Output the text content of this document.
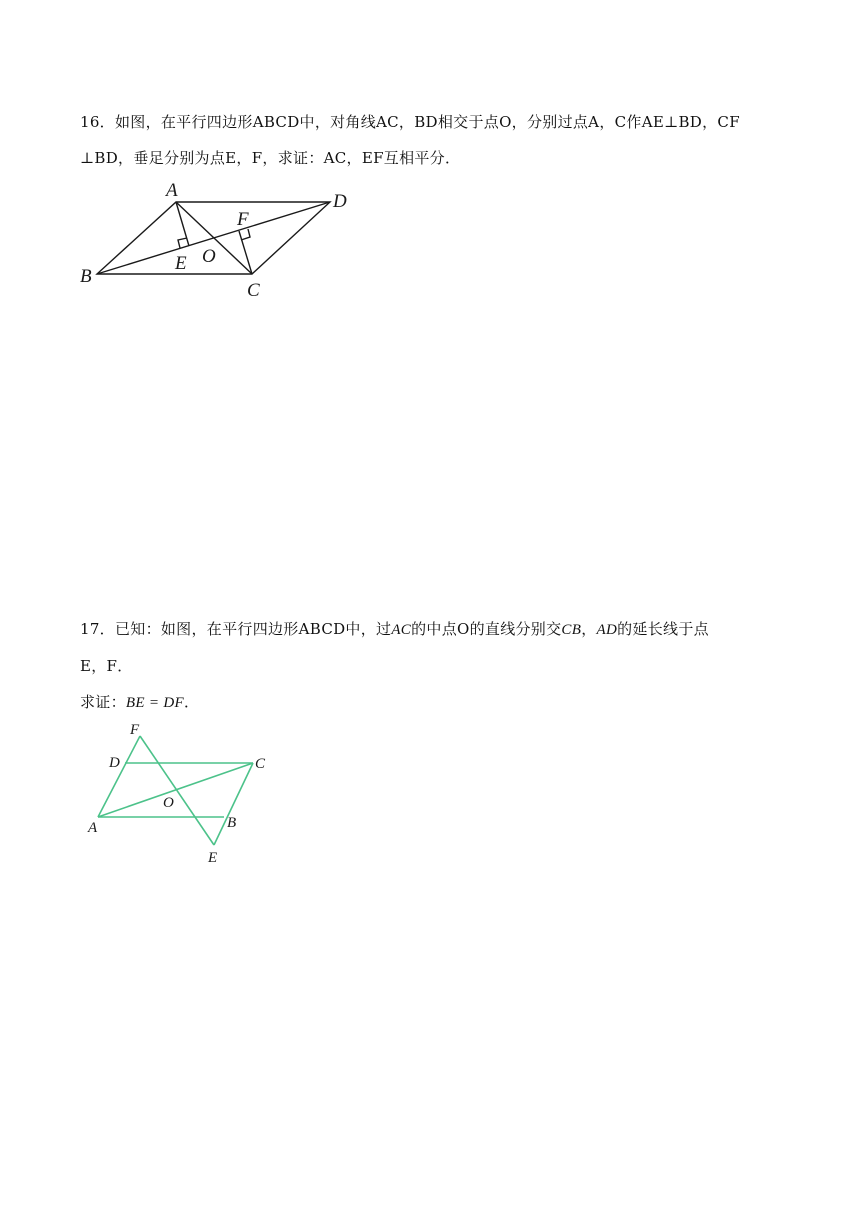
16．如图，在平行四边形ABCD中，对角线AC，BD相交于点O，分别过点A，C作AE⊥BD，CF
⊥BD，垂足分别为点E，F，求证：AC，EF互相平分．
A
D
F
O
E
B
C
17．已知：如图，在平行四边形ABCD中，过AC的中点O的直线分别交CB，AD的延长线于点
E，F．
求证：BE = DF．
F
D	C
O
A	B
E
